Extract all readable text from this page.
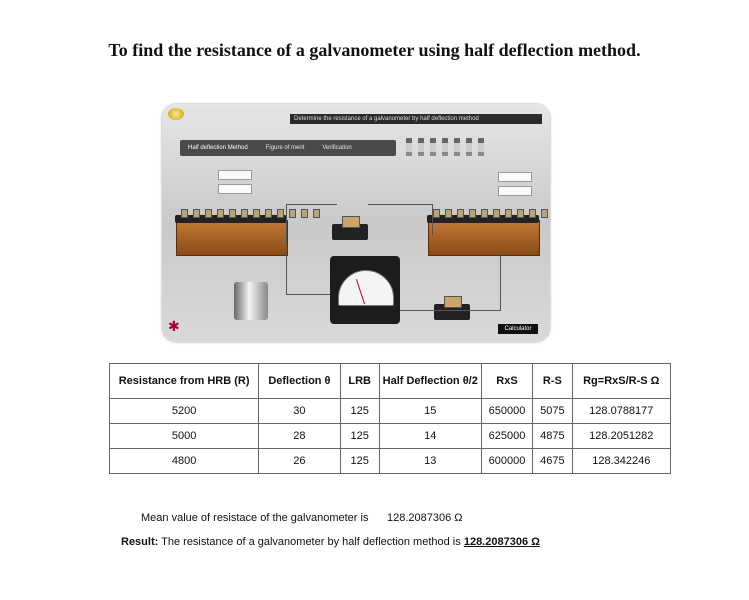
To find the resistance of a galvanometer using half deflection method.
Determine the resistance of a galvanometer by half deflection method
Half deflection Method	Figure of merit	Verification
✱	Calculator
Resistance from HRB (R)	Deflection θ	LRB	Half Deflection θ/2	RxS	R-S	Rg=RxS/R-S Ω
5200	30	125	15	650000	5075	128.0788177
5000	28	125	14	625000	4875	128.2051282
4800	26	125	13	600000	4675	128.342246
Mean value of resistace of the galvanometer is 128.2087306 Ω
Result: The resistance of a galvanometer by half deflection method is 128.2087306 Ω
